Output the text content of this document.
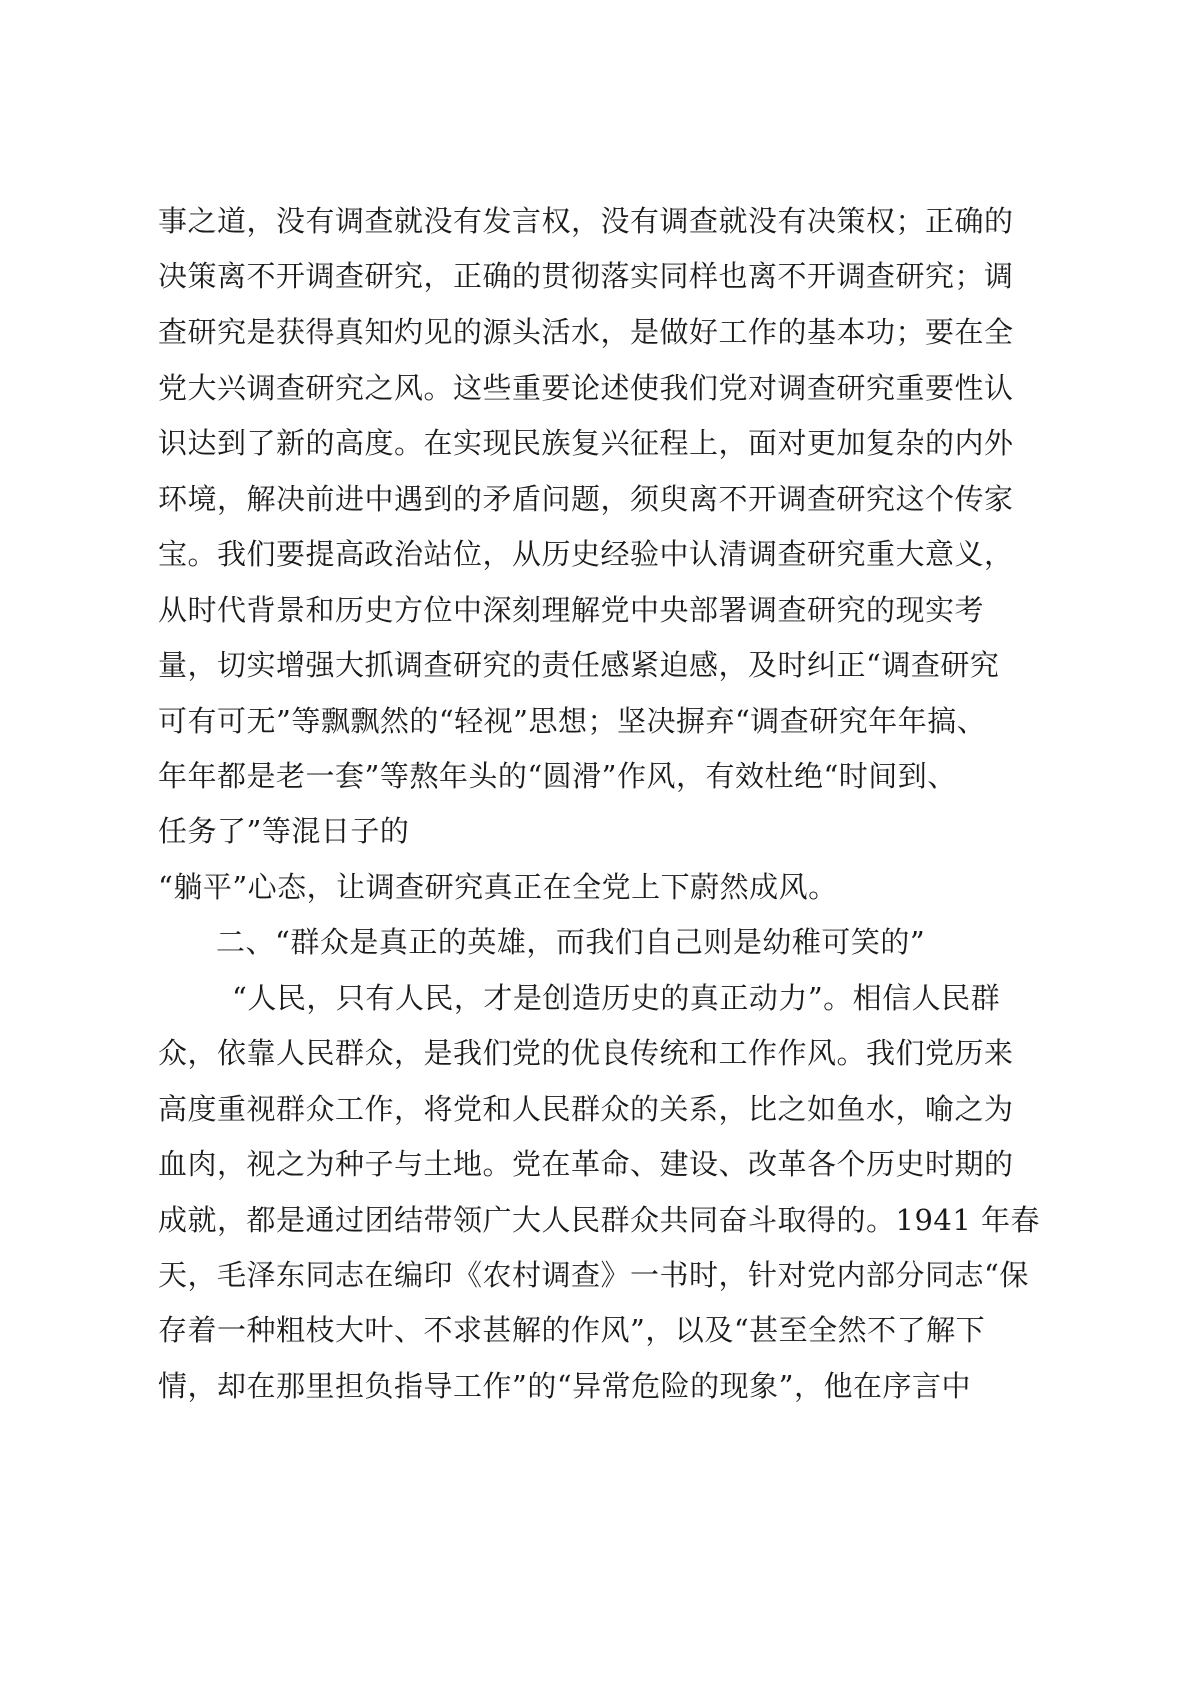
事之道，没有调查就没有发言权，没有调查就没有决策权；正确的
决策离不开调查研究，正确的贯彻落实同样也离不开调查研究；调
查研究是获得真知灼见的源头活水，是做好工作的基本功；要在全
党大兴调查研究之风。这些重要论述使我们党对调查研究重要性认
识达到了新的高度。在实现民族复兴征程上，面对更加复杂的内外
环境，解决前进中遇到的矛盾问题，须臾离不开调查研究这个传家
宝。我们要提高政治站位，从历史经验中认清调查研究重大意义，
从时代背景和历史方位中深刻理解党中央部署调查研究的现实考
量，切实增强大抓调查研究的责任感紧迫感，及时纠正“调查研究
可有可无”等飘飘然的“轻视”思想；坚决摒弃“调查研究年年搞、
年年都是老一套”等熬年头的“圆滑”作风，有效杜绝“时间到、
任务了”等混日子的
“躺平”心态，让调查研究真正在全党上下蔚然成风。
二、“群众是真正的英雄，而我们自己则是幼稚可笑的”
“人民，只有人民，才是创造历史的真正动力”。相信人民群
众，依靠人民群众，是我们党的优良传统和工作作风。我们党历来
高度重视群众工作，将党和人民群众的关系，比之如鱼水，喻之为
血肉，视之为种子与土地。党在革命、建设、改革各个历史时期的
成就，都是通过团结带领广大人民群众共同奋斗取得的。1941 年春
天，毛泽东同志在编印《农村调查》一书时，针对党内部分同志“保
存着一种粗枝大叶、不求甚解的作风”，以及“甚至全然不了解下
情，却在那里担负指导工作”的“异常危险的现象”，他在序言中
